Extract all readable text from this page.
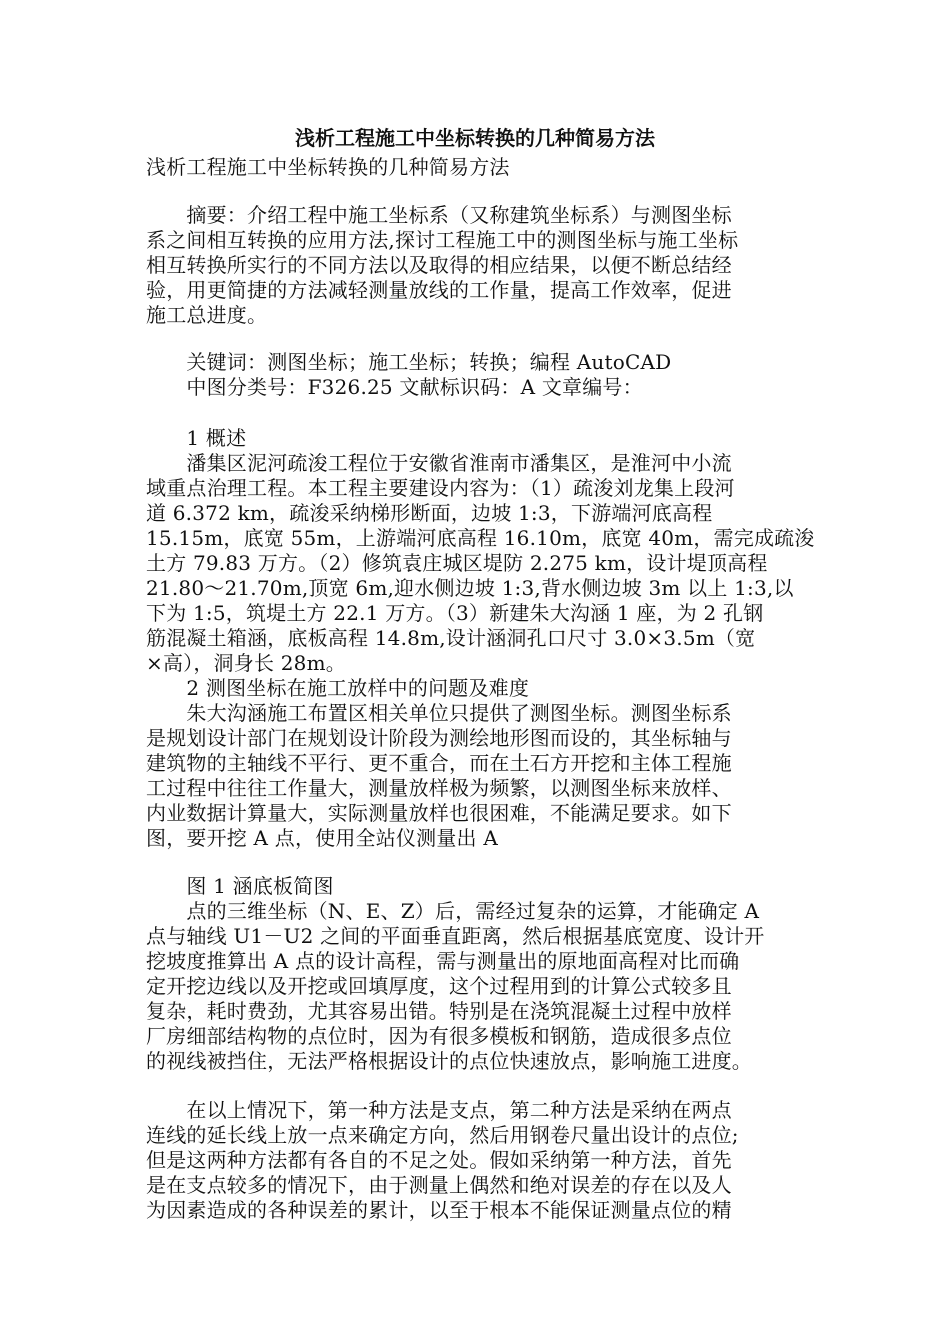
浅析工程施工中坐标转换的几种简易方法
浅析工程施工中坐标转换的几种简易方法
　　摘要：介绍工程中施工坐标系（又称建筑坐标系）与测图坐标
系之间相互转换的应用方法,探讨工程施工中的测图坐标与施工坐标
相互转换所实行的不同方法以及取得的相应结果，以便不断总结经
验，用更简捷的方法减轻测量放线的工作量，提高工作效率，促进
施工总进度。
　　关键词：测图坐标；施工坐标；转换；编程 AutoCAD
　　中图分类号：F326.25 文献标识码：A 文章编号：
　　1 概述
　　潘集区泥河疏浚工程位于安徽省淮南市潘集区，是淮河中小流
域重点治理工程。本工程主要建设内容为：（1）疏浚刘龙集上段河
道 6.372 km，疏浚采纳梯形断面，边坡 1:3，下游端河底高程
15.15m，底宽 55m，上游端河底高程 16.10m，底宽 40m，需完成疏浚
土方 79.83 万方。（2）修筑袁庄城区堤防 2.275 km，设计堤顶高程
21.80～21.70m,顶宽 6m,迎水侧边坡 1:3,背水侧边坡 3m 以上 1:3,以
下为 1:5，筑堤土方 22.1 万方。（3）新建朱大沟涵 1 座，为 2 孔钢
筋混凝土箱涵，底板高程 14.8m,设计涵洞孔口尺寸 3.0×3.5m（宽
×高），洞身长 28m。
　　2 测图坐标在施工放样中的问题及难度
　　朱大沟涵施工布置区相关单位只提供了测图坐标。测图坐标系
是规划设计部门在规划设计阶段为测绘地形图而设的，其坐标轴与
建筑物的主轴线不平行、更不重合，而在土石方开挖和主体工程施
工过程中往往工作量大，测量放样极为频繁，以测图坐标来放样、
内业数据计算量大，实际测量放样也很困难，不能满足要求。如下
图，要开挖 A 点，使用全站仪测量出 A
　　图 1 涵底板简图
　　点的三维坐标（N、E、Z）后，需经过复杂的运算，才能确定 A
点与轴线 U1－U2 之间的平面垂直距离，然后根据基底宽度、设计开
挖坡度推算出 A 点的设计高程，需与测量出的原地面高程对比而确
定开挖边线以及开挖或回填厚度，这个过程用到的计算公式较多且
复杂，耗时费劲，尤其容易出错。特别是在浇筑混凝土过程中放样
厂房细部结构物的点位时，因为有很多模板和钢筋，造成很多点位
的视线被挡住，无法严格根据设计的点位快速放点，影响施工进度。
　　在以上情况下，第一种方法是支点，第二种方法是采纳在两点
连线的延长线上放一点来确定方向，然后用钢卷尺量出设计的点位;
但是这两种方法都有各自的不足之处。假如采纳第一种方法，首先
是在支点较多的情况下，由于测量上偶然和绝对误差的存在以及人
为因素造成的各种误差的累计，以至于根本不能保证测量点位的精
